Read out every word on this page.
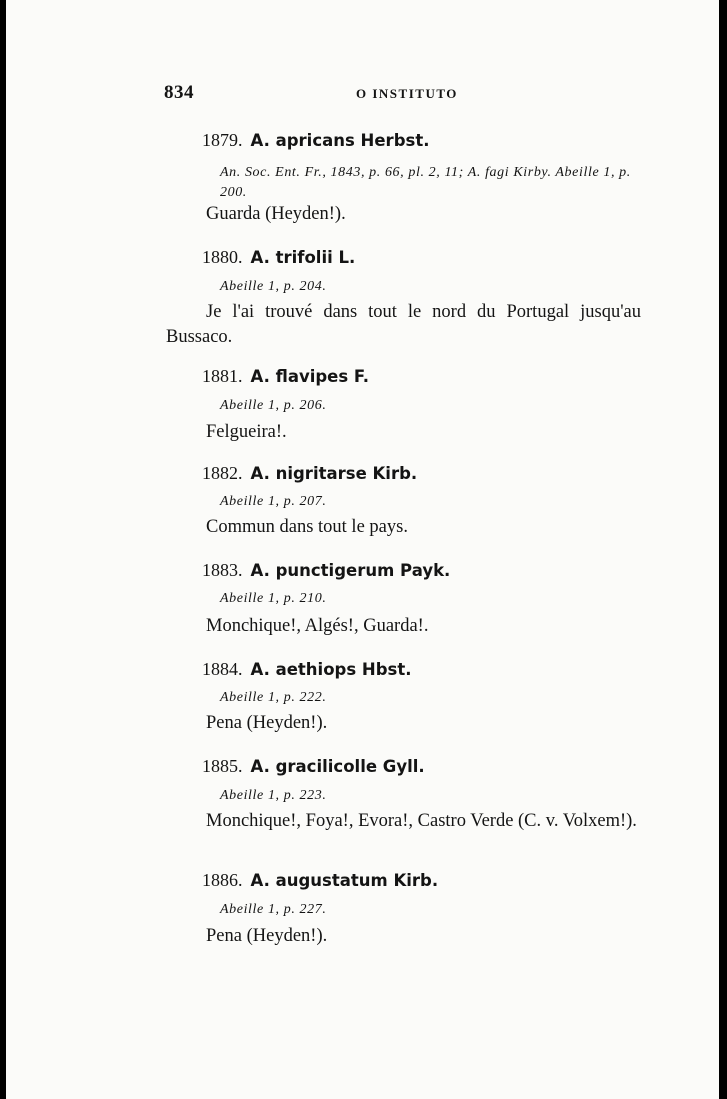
834	O INSTITUTO
1879. A. apricans Herbst.

An. Soc. Ent. Fr., 1843, p. 66, pl. 2, 11; A. fagi Kirby. Abeille 1, p. 200.

Guarda (Heyden!).

1880. A. trifolii L.

Abeille 1, p. 204.

Je l'ai trouvé dans tout le nord du Portugal jusqu'au Bussaco.

1881. A. flavipes F.

Abeille 1, p. 206.

Felgueira!.

1882. A. nigritarse Kirb.

Abeille 1, p. 207.

Commun dans tout le pays.

1883. A. punctigerum Payk.

Abeille 1, p. 210.

Monchique!, Algés!, Guarda!.

1884. A. aethiops Hbst.

Abeille 1, p. 222.

Pena (Heyden!).

1885. A. gracilicolle Gyll.

Abeille 1, p. 223.

Monchique!, Foya!, Evora!, Castro Verde (C. v. Volxem!).

1886. A. augustatum Kirb.

Abeille 1, p. 227.

Pena (Heyden!).
